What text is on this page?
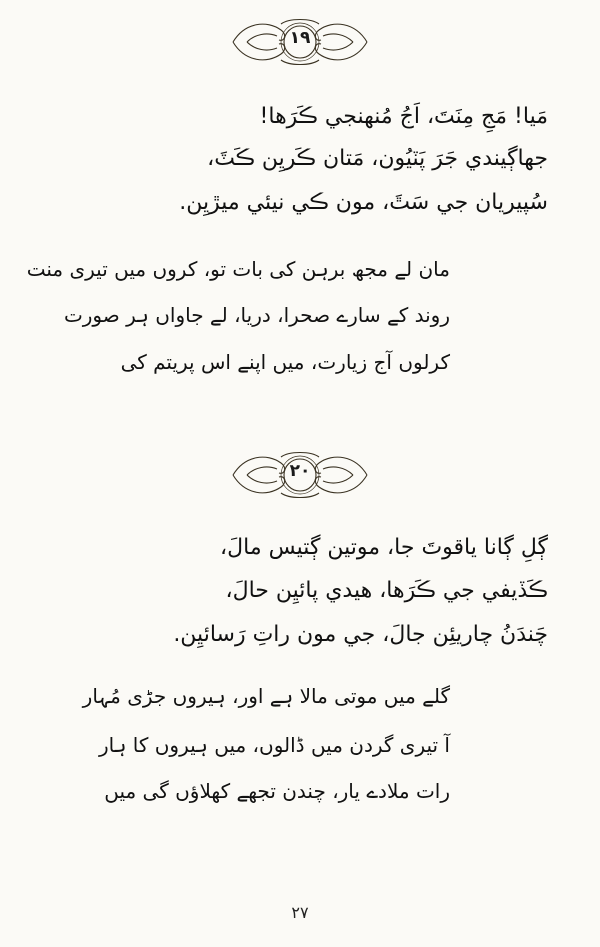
١٩
مَيا! مَجِ مِنَتَ، اَجُ مُنهنجي ڪَرَها!
جهاڳيندي جَرَ پَٽيُون، مَتان ڪَريِن ڪَٽَ،
سُپيريان جي سَٿَ، مون ڪي نيئي ميڙيِن.
مان لے مجھ برہن کی بات تو، کروں میں تیری منت
روند کے سارے صحرا، دریا، لے جاواں ہر صورت
کرلوں آج زیارت، میں اپنے اس پریتم کی
٢٠
ڳلِ ڳانا ياقوتَ جا، موتين ڳتيس مالَ،
ڪَڏيفي جي ڪَرَها، هيدي پائيِن حالَ،
چَندَنُ چاريئِن جالَ، جي مون راتِ رَسائيِن.
گلے میں موتی مالا ہے اور، ہیروں جڑی مُہار
آ تیری گردن میں ڈالوں، میں ہیروں کا ہار
رات ملادے یار، چندن تجھے کھلاؤں گی میں
٢٧
